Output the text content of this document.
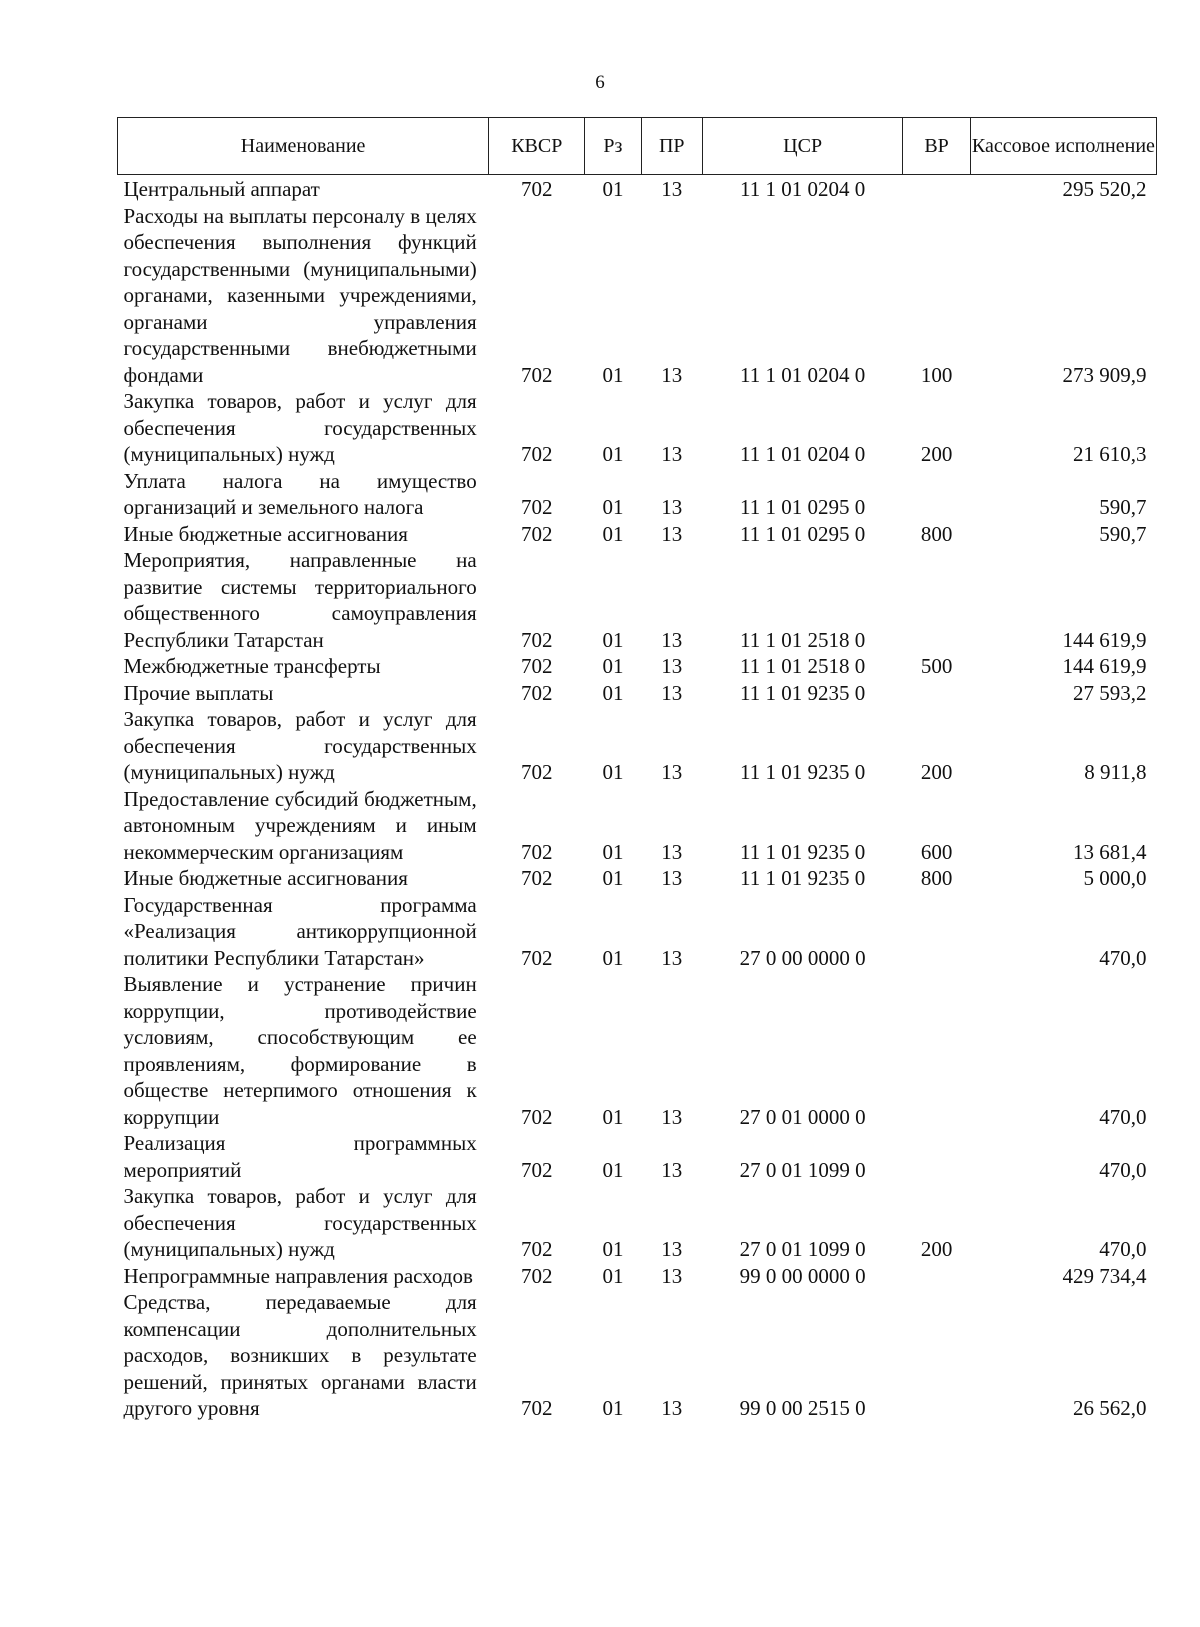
6
Наименование	КВСР	Рз	ПР	ЦСР	ВР	Кассовое исполнение
Центральный аппарат	702	01	13	11 1 01 0204 0		295 520,2
Расходы на выплаты персоналу в целях обеспечения выполнения функций государственными (муниципальными) органами, казенными учреждениями, органами управления государственными внебюджетными фондами	702	01	13	11 1 01 0204 0	100	273 909,9
Закупка товаров, работ и услуг для обеспечения государственных (муниципальных) нужд	702	01	13	11 1 01 0204 0	200	21 610,3
Уплата налога на имущество организаций и земельного налога	702	01	13	11 1 01 0295 0		590,7
Иные бюджетные ассигнования	702	01	13	11 1 01 0295 0	800	590,7
Мероприятия, направленные на развитие системы территориального общественного самоуправления Республики Татарстан	702	01	13	11 1 01 2518 0		144 619,9
Межбюджетные трансферты	702	01	13	11 1 01 2518 0	500	144 619,9
Прочие выплаты	702	01	13	11 1 01 9235 0		27 593,2
Закупка товаров, работ и услуг для обеспечения государственных (муниципальных) нужд	702	01	13	11 1 01 9235 0	200	8 911,8
Предоставление субсидий бюджетным, автономным учреждениям и иным некоммерческим организациям	702	01	13	11 1 01 9235 0	600	13 681,4
Иные бюджетные ассигнования	702	01	13	11 1 01 9235 0	800	5 000,0
Государственная программа «Реализация антикоррупционной политики Республики Татарстан»	702	01	13	27 0 00 0000 0		470,0
Выявление и устранение причин коррупции, противодействие условиям, способствующим ее проявлениям, формирование в обществе нетерпимого отношения к коррупции	702	01	13	27 0 01 0000 0		470,0
Реализация программных мероприятий	702	01	13	27 0 01 1099 0		470,0
Закупка товаров, работ и услуг для обеспечения государственных (муниципальных) нужд	702	01	13	27 0 01 1099 0	200	470,0
Непрограммные направления расходов	702	01	13	99 0 00 0000 0		429 734,4
Средства, передаваемые для компенсации дополнительных расходов, возникших в результате решений, принятых органами власти другого уровня	702	01	13	99 0 00 2515 0		26 562,0
